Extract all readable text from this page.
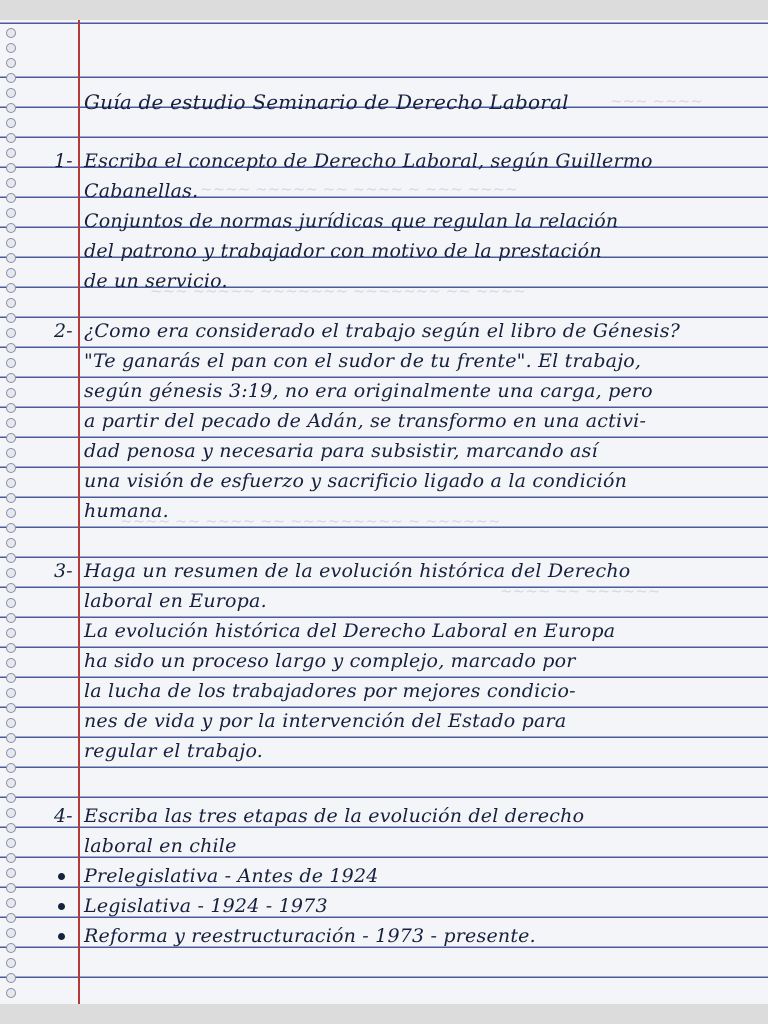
~~~ ~~~~
~~~~ ~~~~~ ~~ ~~~~ ~ ~~~ ~~~~
~~~ ~~~~~ ~~~~~~~ ~~~~~~~ ~~ ~~~~
~~~~ ~~ ~~~~ ~~ ~~~~~~~~~ ~ ~~~~~~
~~~~ ~~ ~~~~~~
Guía de estudio Seminario de Derecho Laboral
1- Escriba el concepto de Derecho Laboral, según Guillermo
Cabanellas.
Conjuntos de normas jurídicas que regulan la relación
del patrono y trabajador con motivo de la prestación
de un servicio.
2- ¿Como era considerado el trabajo según el libro de Génesis?
"Te ganarás el pan con el sudor de tu frente". El trabajo,
según génesis 3:19, no era originalmente una carga, pero
a partir del pecado de Adán, se transformo en una activi-
dad penosa y necesaria para subsistir, marcando así
una visión de esfuerzo y sacrificio ligado a la condición
humana.
3- Haga un resumen de la evolución histórica del Derecho
laboral en Europa.
La evolución histórica del Derecho Laboral en Europa
ha sido un proceso largo y complejo, marcado por
la lucha de los trabajadores por mejores condicio-
nes de vida y por la intervención del Estado para
regular el trabajo.
4- Escriba las tres etapas de la evolución del derecho
laboral en chile
Prelegislativa - Antes de 1924
Legislativa - 1924 - 1973
Reforma y reestructuración - 1973 - presente.
